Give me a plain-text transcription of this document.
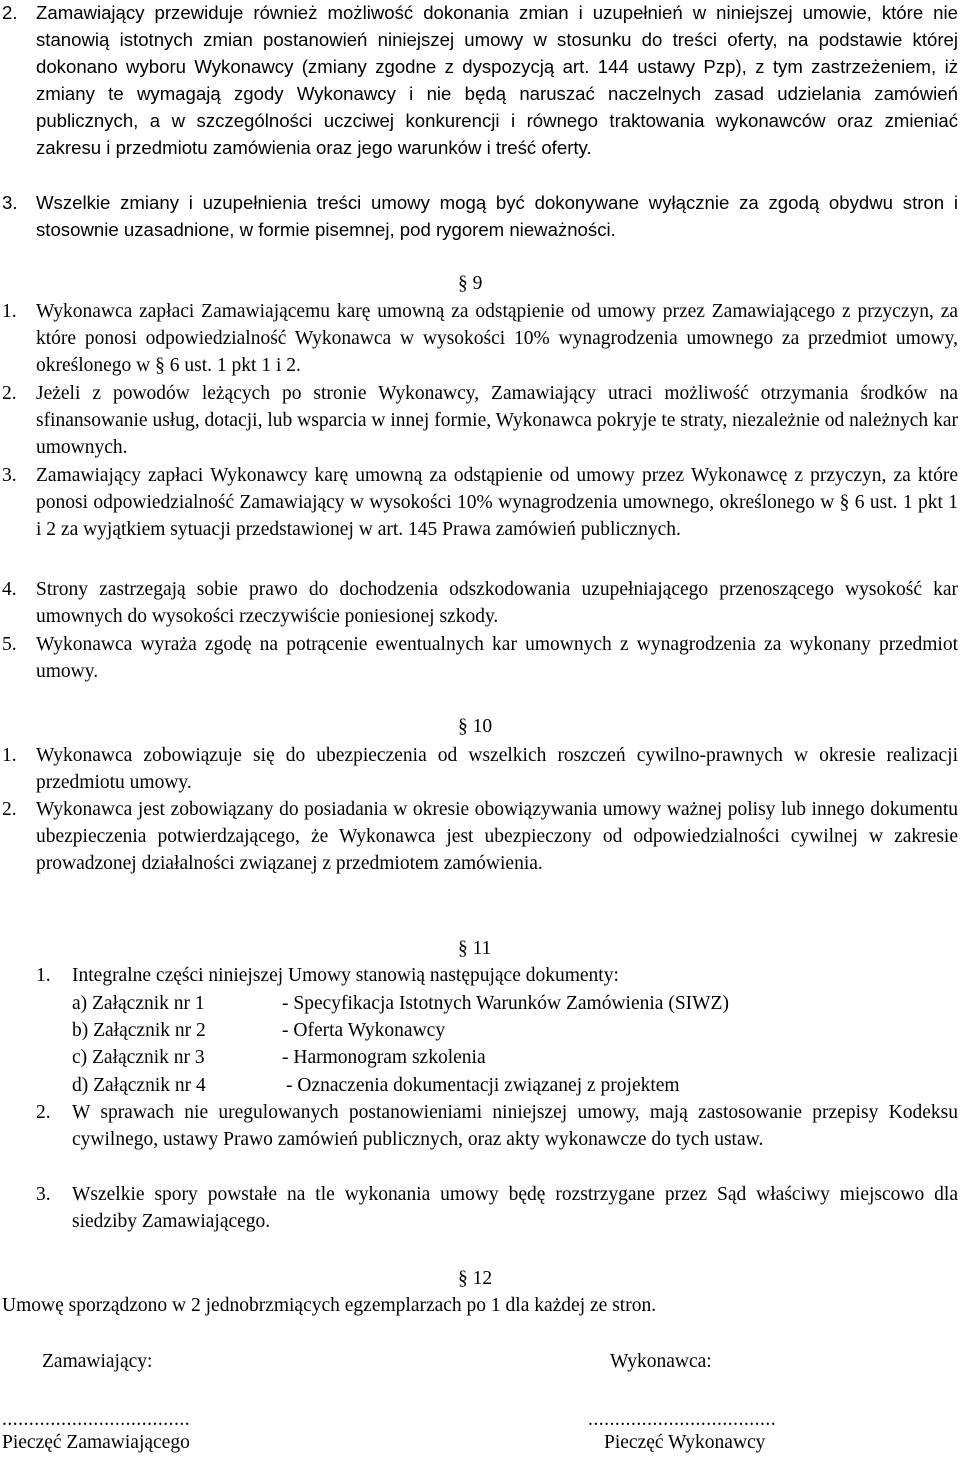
2. Zamawiający przewiduje również możliwość dokonania zmian i uzupełnień w niniejszej umowie, które nie stanowią istotnych zmian postanowień niniejszej umowy w stosunku do treści oferty, na podstawie której dokonano wyboru Wykonawcy (zmiany zgodne z dyspozycją art. 144 ustawy Pzp), z tym zastrzeżeniem, iż zmiany te wymagają zgody Wykonawcy i nie będą naruszać naczelnych zasad udzielania zamówień publicznych, a w szczególności uczciwej konkurencji i równego traktowania wykonawców oraz zmieniać zakresu i przedmiotu zamówienia oraz jego warunków i treść oferty.
3. Wszelkie zmiany i uzupełnienia treści umowy mogą być dokonywane wyłącznie za zgodą obydwu stron i stosownie uzasadnione, w formie pisemnej, pod rygorem nieważności.
§ 9
1. Wykonawca zapłaci Zamawiającemu karę umowną za odstąpienie od umowy przez Zamawiającego z przyczyn, za które ponosi odpowiedzialność Wykonawca w wysokości 10% wynagrodzenia umownego za przedmiot umowy, określonego w § 6 ust. 1 pkt 1 i 2.
2. Jeżeli z powodów leżących po stronie Wykonawcy, Zamawiający utraci możliwość otrzymania środków na sfinansowanie usług, dotacji, lub wsparcia w innej formie, Wykonawca pokryje te straty, niezależnie od należnych kar umownych.
3. Zamawiający zapłaci Wykonawcy karę umowną za odstąpienie od umowy przez Wykonawcę z przyczyn, za które ponosi odpowiedzialność Zamawiający w wysokości 10% wynagrodzenia umownego, określonego w § 6 ust. 1 pkt 1 i 2 za wyjątkiem sytuacji przedstawionej w art. 145 Prawa zamówień publicznych.
4. Strony zastrzegają sobie prawo do dochodzenia odszkodowania uzupełniającego przenoszącego wysokość kar umownych do wysokości rzeczywiście poniesionej szkody.
5. Wykonawca wyraża zgodę na potrącenie ewentualnych kar umownych z wynagrodzenia za wykonany przedmiot umowy.
§ 10
1. Wykonawca zobowiązuje się do ubezpieczenia od wszelkich roszczeń cywilno-prawnych w okresie realizacji przedmiotu umowy.
2. Wykonawca jest zobowiązany do posiadania w okresie obowiązywania umowy ważnej polisy lub innego dokumentu ubezpieczenia potwierdzającego, że Wykonawca jest ubezpieczony od odpowiedzialności cywilnej w zakresie prowadzonej działalności związanej z przedmiotem zamówienia.
§ 11
1. Integralne części niniejszej Umowy stanowią następujące dokumenty:
a) Załącznik nr 1	- Specyfikacja Istotnych Warunków Zamówienia (SIWZ)
b) Załącznik nr 2	- Oferta Wykonawcy
c) Załącznik nr 3	- Harmonogram szkolenia
d) Załącznik nr 4	- Oznaczenia dokumentacji związanej z projektem
2. W sprawach nie uregulowanych postanowieniami niniejszej umowy, mają zastosowanie przepisy Kodeksu cywilnego, ustawy Prawo zamówień publicznych, oraz akty wykonawcze do tych ustaw.
3. Wszelkie spory powstałe na tle wykonania umowy będę rozstrzygane przez Sąd właściwy miejscowo dla siedziby Zamawiającego.
§ 12
Umowę sporządzono w 2 jednobrzmiących egzemplarzach po 1 dla każdej ze stron.
Zamawiający:	Wykonawca:
...................................	...................................
Pieczęć Zamawiającego	Pieczęć Wykonawcy
